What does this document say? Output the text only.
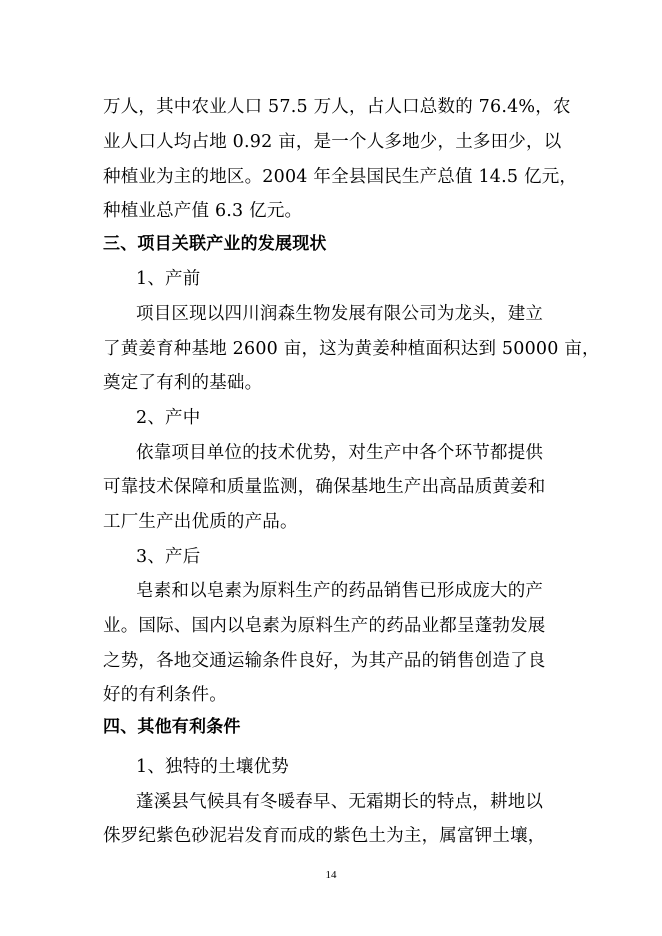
万人，其中农业人口 57.5 万人，占人口总数的 76.4%，农
业人口人均占地 0.92 亩，是一个人多地少，土多田少，以
种植业为主的地区。2004 年全县国民生产总值 14.5 亿元，
种植业总产值 6.3 亿元。
三、项目关联产业的发展现状
1、产前
项目区现以四川润森生物发展有限公司为龙头，建立
了黄姜育种基地 2600 亩，这为黄姜种植面积达到 50000 亩，
奠定了有利的基础。
2、产中
依靠项目单位的技术优势，对生产中各个环节都提供
可靠技术保障和质量监测，确保基地生产出高品质黄姜和
工厂生产出优质的产品。
3、产后
皂素和以皂素为原料生产的药品销售已形成庞大的产
业。国际、国内以皂素为原料生产的药品业都呈蓬勃发展
之势，各地交通运输条件良好，为其产品的销售创造了良
好的有利条件。
四、其他有利条件
1、独特的土壤优势
蓬溪县气候具有冬暖春早、无霜期长的特点，耕地以
侏罗纪紫色砂泥岩发育而成的紫色土为主，属富钾土壤，
14
